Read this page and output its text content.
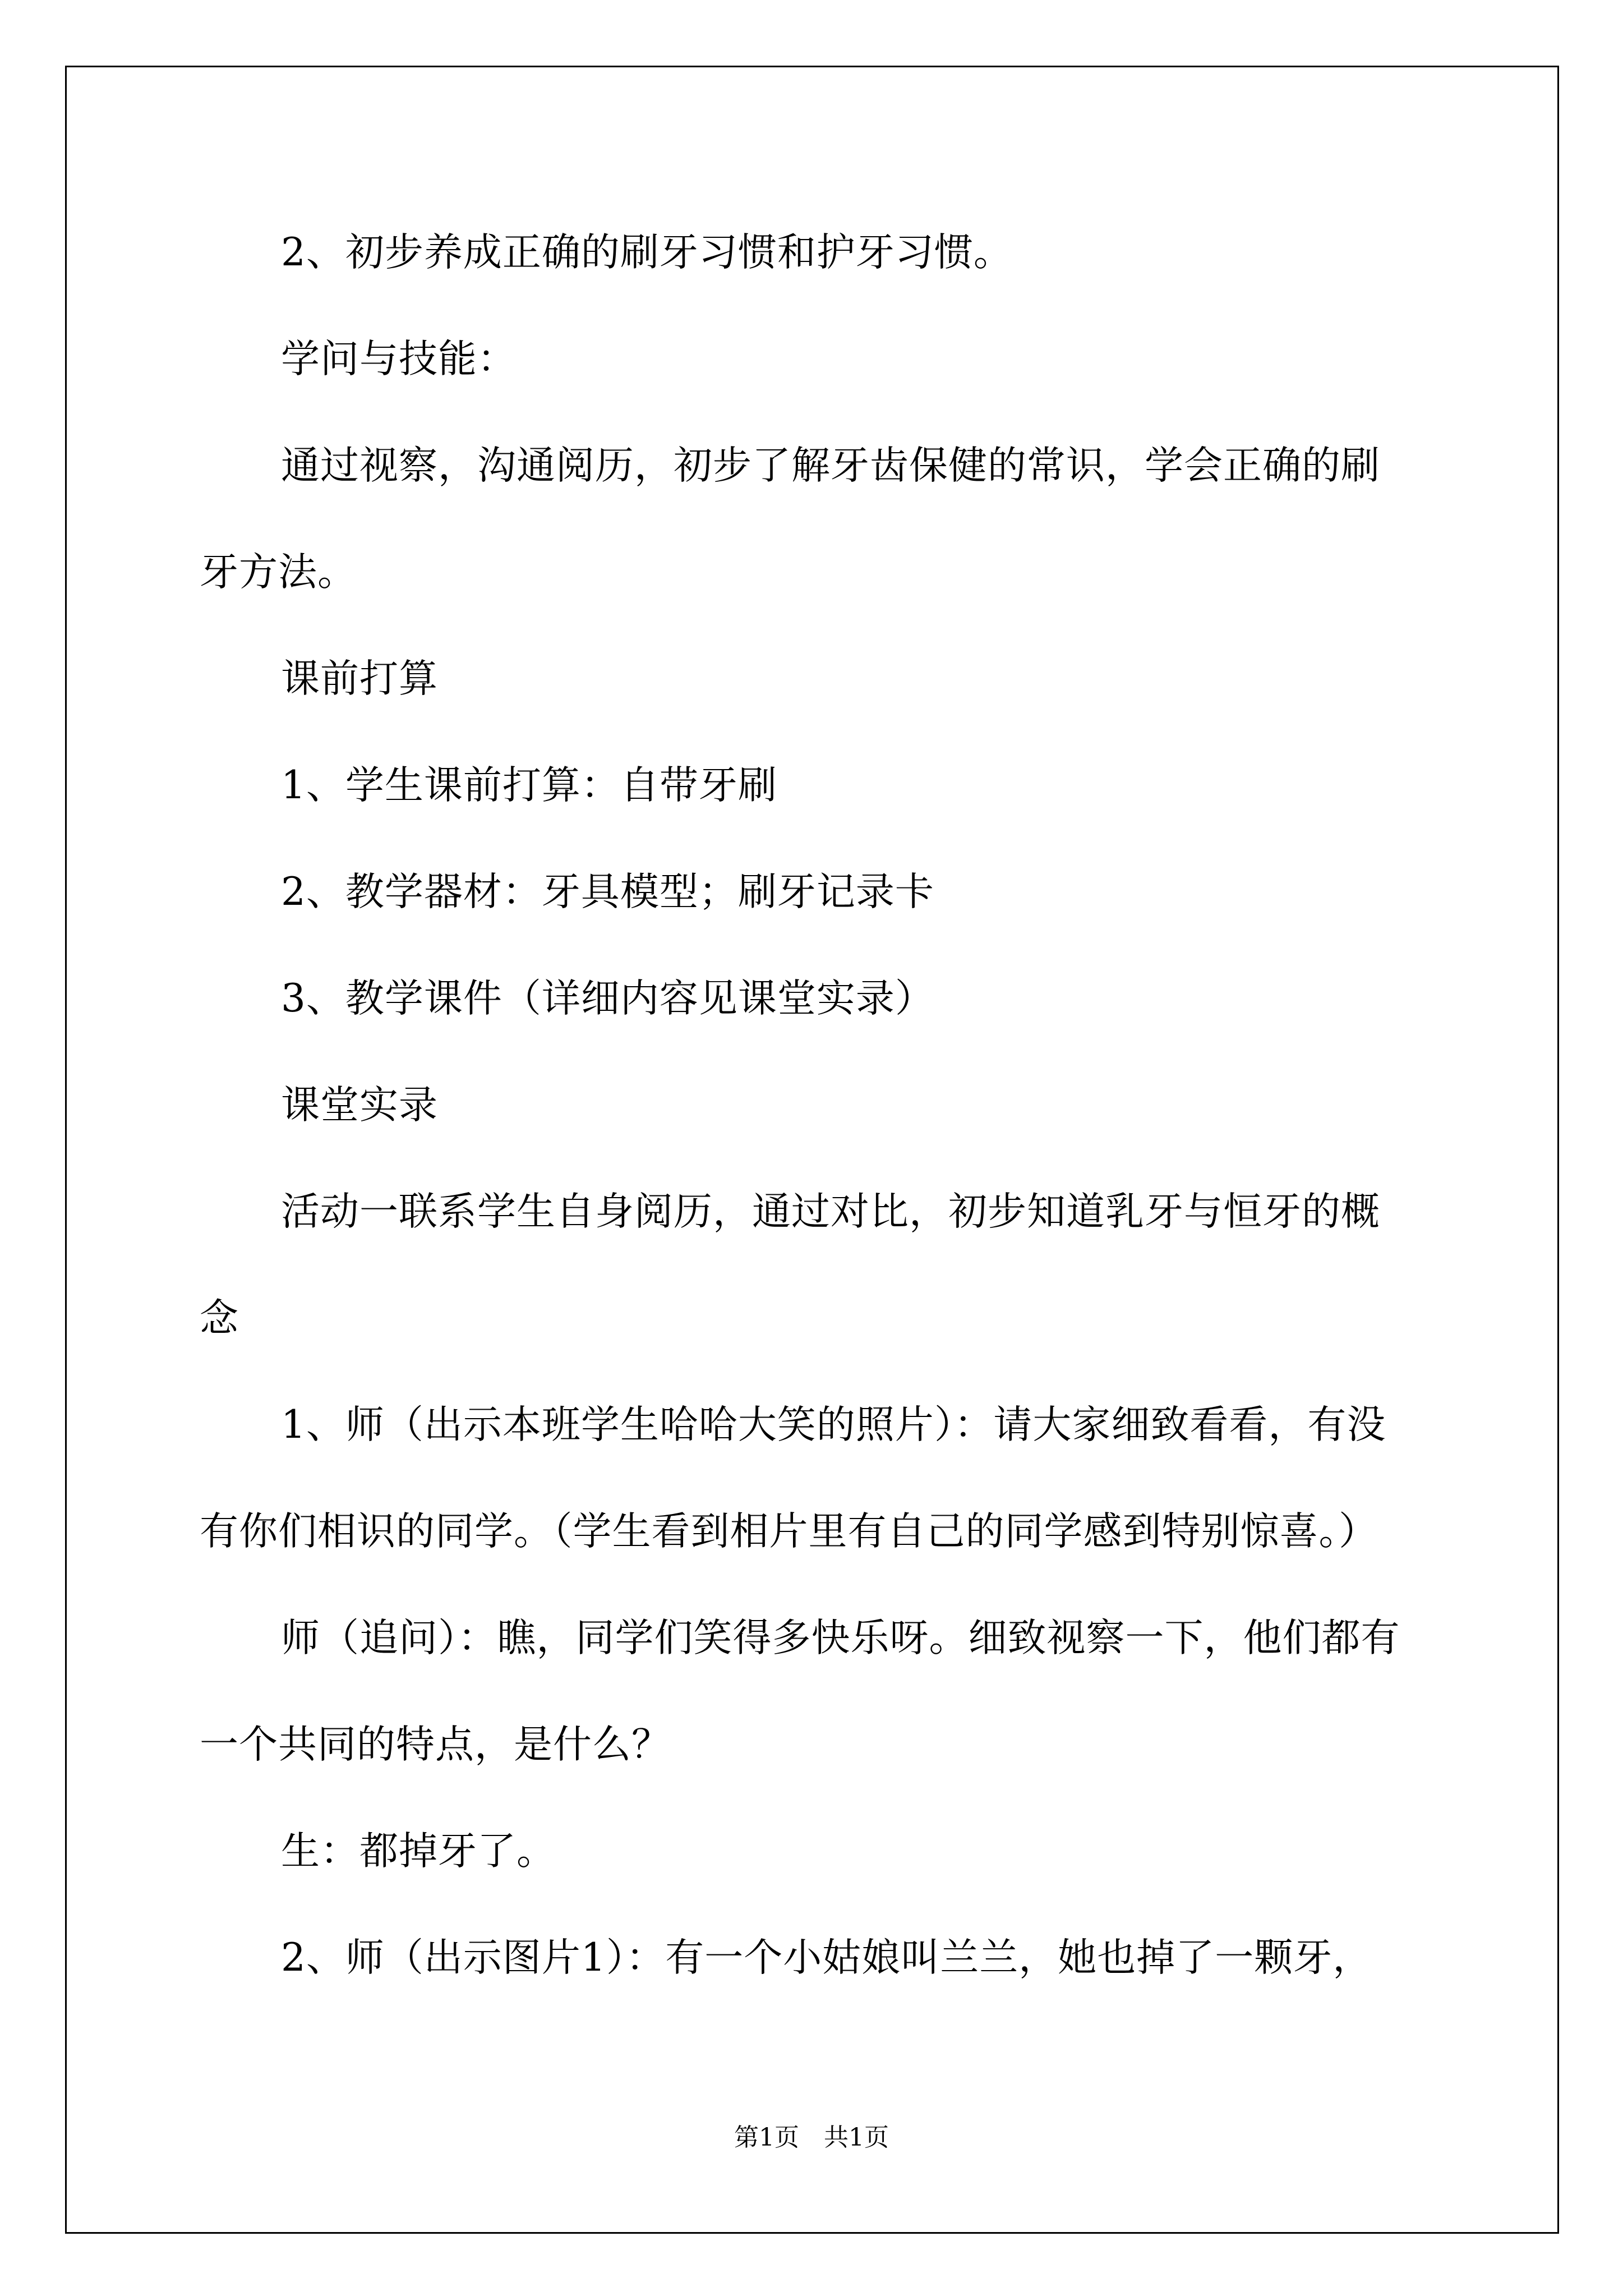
2、初步养成正确的刷牙习惯和护牙习惯。
学问与技能：
通过视察，沟通阅历，初步了解牙齿保健的常识，学会正确的刷
牙方法。
课前打算
1、学生课前打算：自带牙刷
2、教学器材：牙具模型；刷牙记录卡
3、教学课件（详细内容见课堂实录）
课堂实录
活动一联系学生自身阅历，通过对比，初步知道乳牙与恒牙的概
念
1、师（出示本班学生哈哈大笑的照片）：请大家细致看看，有没
有你们相识的同学。（学生看到相片里有自己的同学感到特别惊喜。）
师（追问）：瞧，同学们笑得多快乐呀。细致视察一下，他们都有
一个共同的特点，是什么？
生：都掉牙了。
2、师（出示图片1）：有一个小姑娘叫兰兰，她也掉了一颗牙，
第1页　共1页
